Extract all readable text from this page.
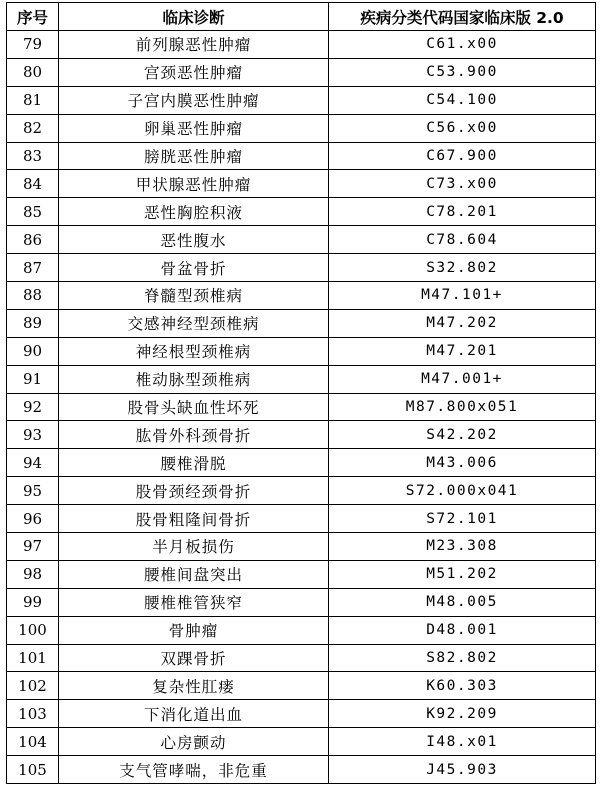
序号	临床诊断	疾病分类代码国家临床版 2.0
79	前列腺恶性肿瘤	C61.x00
80	宫颈恶性肿瘤	C53.900
81	子宫内膜恶性肿瘤	C54.100
82	卵巢恶性肿瘤	C56.x00
83	膀胱恶性肿瘤	C67.900
84	甲状腺恶性肿瘤	C73.x00
85	恶性胸腔积液	C78.201
86	恶性腹水	C78.604
87	骨盆骨折	S32.802
88	脊髓型颈椎病	M47.101+
89	交感神经型颈椎病	M47.202
90	神经根型颈椎病	M47.201
91	椎动脉型颈椎病	M47.001+
92	股骨头缺血性坏死	M87.800x051
93	肱骨外科颈骨折	S42.202
94	腰椎滑脱	M43.006
95	股骨颈经颈骨折	S72.000x041
96	股骨粗隆间骨折	S72.101
97	半月板损伤	M23.308
98	腰椎间盘突出	M51.202
99	腰椎椎管狭窄	M48.005
100	骨肿瘤	D48.001
101	双踝骨折	S82.802
102	复杂性肛瘘	K60.303
103	下消化道出血	K92.209
104	心房颤动	I48.x01
105	支气管哮喘，非危重	J45.903
